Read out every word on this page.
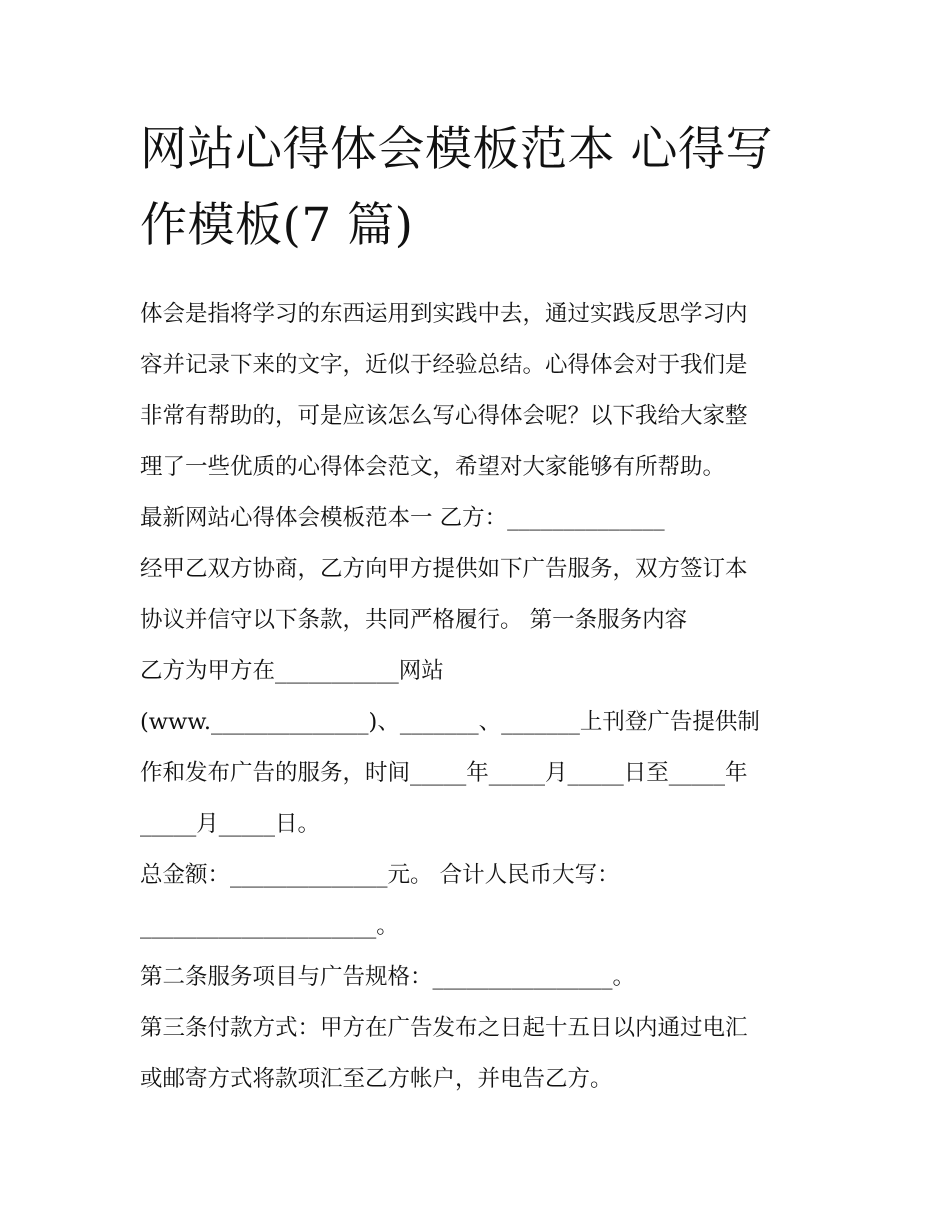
网站心得体会模板范本 心得写
作模板(7 篇)
体会是指将学习的东西运用到实践中去，通过实践反思学习内
容并记录下来的文字，近似于经验总结。心得体会对于我们是
非常有帮助的，可是应该怎么写心得体会呢？以下我给大家整
理了一些优质的心得体会范文，希望对大家能够有所帮助。
最新网站心得体会模板范本一 乙方：______________
经甲乙双方协商，乙方向甲方提供如下广告服务，双方签订本
协议并信守以下条款，共同严格履行。 第一条服务内容
乙方为甲方在___________网站
(www.______________)、_______、_______上刊登广告提供制
作和发布广告的服务，时间_____年_____月_____日至_____年
_____月_____日。
总金额：______________元。 合计人民币大写：
_____________________。
第二条服务项目与广告规格：________________。
第三条付款方式：甲方在广告发布之日起十五日以内通过电汇
或邮寄方式将款项汇至乙方帐户，并电告乙方。
